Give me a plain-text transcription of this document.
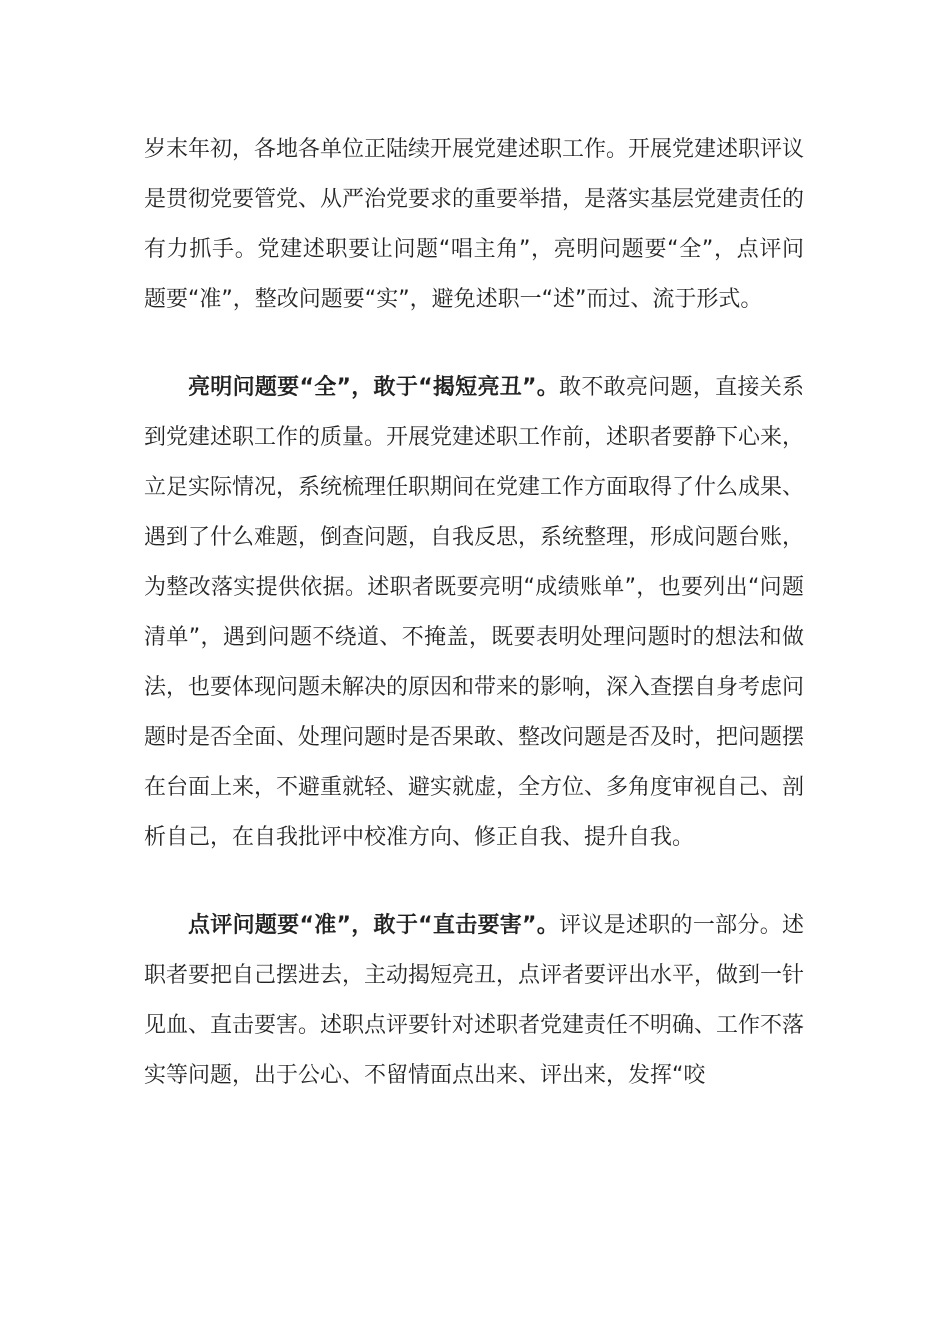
岁末年初，各地各单位正陆续开展党建述职工作。开展党建述职评议是贯彻党要管党、从严治党要求的重要举措，是落实基层党建责任的有力抓手。党建述职要让问题“唱主角”，亮明问题要“全”，点评问题要“准”，整改问题要“实”，避免述职一“述”而过、流于形式。

亮明问题要“全”，敢于“揭短亮丑”。敢不敢亮问题，直接关系到党建述职工作的质量。开展党建述职工作前，述职者要静下心来，立足实际情况，系统梳理任职期间在党建工作方面取得了什么成果、遇到了什么难题，倒查问题，自我反思，系统整理，形成问题台账，为整改落实提供依据。述职者既要亮明“成绩账单”，也要列出“问题清单”，遇到问题不绕道、不掩盖，既要表明处理问题时的想法和做法，也要体现问题未解决的原因和带来的影响，深入查摆自身考虑问题时是否全面、处理问题时是否果敢、整改问题是否及时，把问题摆在台面上来，不避重就轻、避实就虚，全方位、多角度审视自己、剖析自己，在自我批评中校准方向、修正自我、提升自我。

点评问题要“准”，敢于“直击要害”。评议是述职的一部分。述职者要把自己摆进去，主动揭短亮丑，点评者要评出水平，做到一针见血、直击要害。述职点评要针对述职者党建责任不明确、工作不落实等问题，出于公心、不留情面点出来、评出来，发挥“咬
